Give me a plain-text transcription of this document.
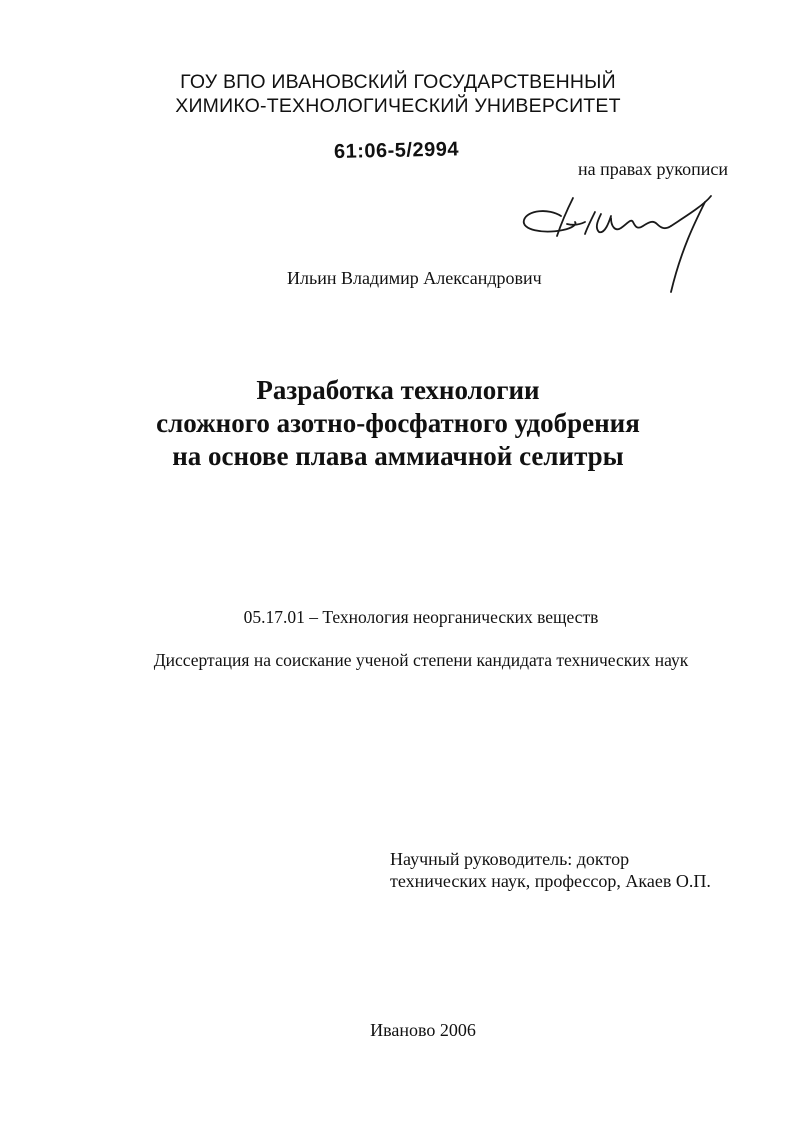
ГОУ ВПО ИВАНОВСКИЙ ГОСУДАРСТВЕННЫЙ
ХИМИКО-ТЕХНОЛОГИЧЕСКИЙ УНИВЕРСИТЕТ
61:06-5/2994
на правах рукописи
Ильин Владимир Александрович
Разработка технологии
сложного азотно-фосфатного удобрения
на основе плава аммиачной селитры
05.17.01 – Технология неорганических веществ
Диссертация на соискание ученой степени кандидата технических наук
Научный руководитель: доктор
технических наук, профессор, Акаев О.П.
Иваново 2006
